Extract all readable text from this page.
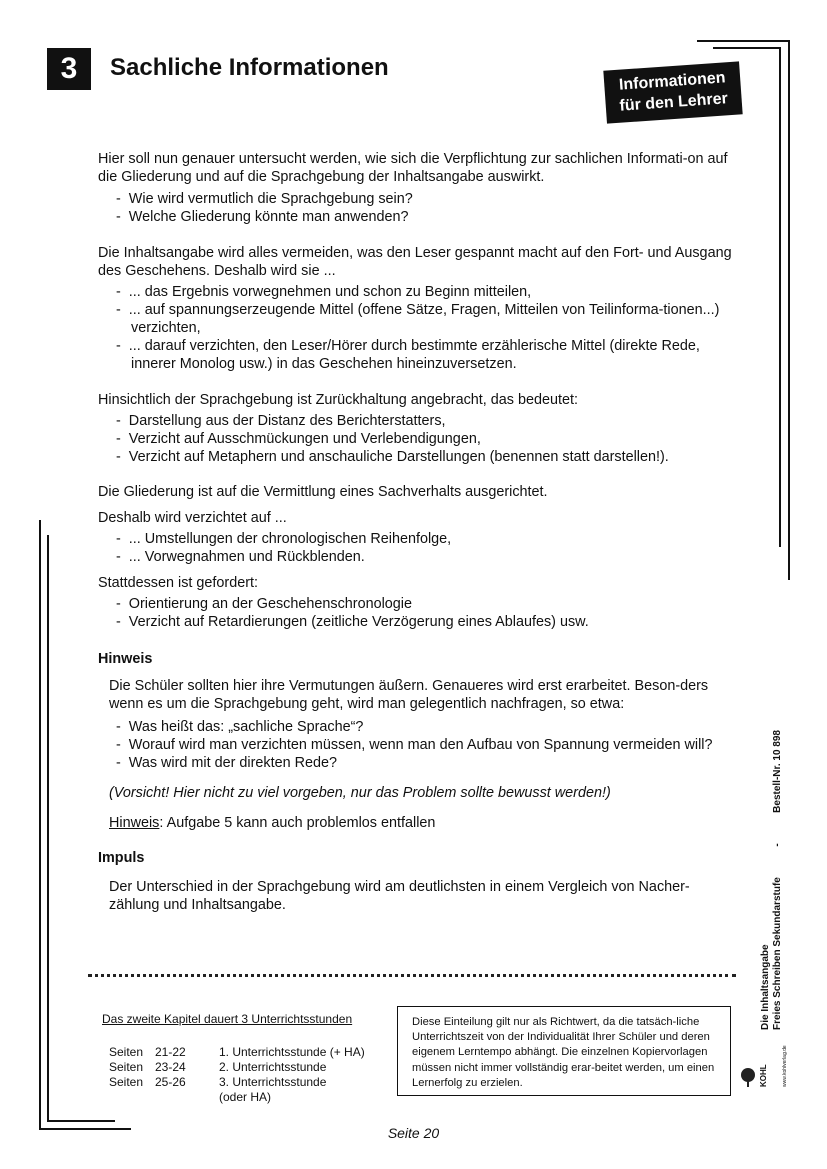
3	Sachliche Informationen
Informationen
für den Lehrer

Hier soll nun genauer untersucht werden, wie sich die Verpflichtung zur sachlichen Informati-on auf die Gliederung und auf die Sprachgebung der Inhaltsangabe auswirkt.

-  Wie wird vermutlich die Sprachgebung sein?
-  Welche Gliederung könnte man anwenden?

Die Inhaltsangabe wird alles vermeiden, was den Leser gespannt macht auf den Fort- und Ausgang des Geschehens. Deshalb wird sie ...

-  ... das Ergebnis vorwegnehmen und schon zu Beginn mitteilen,
-  ... auf spannungserzeugende Mittel (offene Sätze, Fragen, Mitteilen von Teilinforma-tionen...) verzichten,
-  ... darauf verzichten, den Leser/Hörer durch bestimmte erzählerische Mittel (direkte Rede, innerer Monolog usw.) in das Geschehen hineinzuversetzen.

Hinsichtlich der Sprachgebung ist Zurückhaltung angebracht, das bedeutet:

-  Darstellung aus der Distanz des Berichterstatters,
-  Verzicht auf Ausschmückungen und Verlebendigungen,
-  Verzicht auf Metaphern und anschauliche Darstellungen (benennen statt darstellen!).

Die Gliederung ist auf die Vermittlung eines Sachverhalts ausgerichtet.

Deshalb wird verzichtet auf ...

-  ... Umstellungen der chronologischen Reihenfolge,
-  ... Vorwegnahmen und Rückblenden.

Stattdessen ist gefordert:

-  Orientierung an der Geschehenschronologie
-  Verzicht auf Retardierungen (zeitliche Verzögerung eines Ablaufes) usw.

Hinweis

Die Schüler sollten hier ihre Vermutungen äußern. Genaueres wird erst erarbeitet. Beson-ders wenn es um die Sprachgebung geht, wird man gelegentlich nachfragen, so etwa:

-  Was heißt das: „sachliche Sprache“?
-  Worauf wird man verzichten müssen, wenn man den Aufbau von Spannung vermeiden will?
-  Was wird mit der direkten Rede?

(Vorsicht! Hier nicht zu viel vorgeben, nur das Problem sollte bewusst werden!)

Hinweis: Aufgabe 5 kann auch problemlos entfallen

Impuls

Der Unterschied in der Sprachgebung wird am deutlichsten in einem Vergleich von Nacher-zählung und Inhaltsangabe.

Das zweite Kapitel dauert 3 Unterrichtsstunden
Seiten	21-22	1. Unterrichtsstunde (+ HA)
Seiten	23-24	2. Unterrichtsstunde
Seiten	25-26	3. Unterrichtsstunde
		(oder HA)
Diese Einteilung gilt nur als Richtwert, da die tatsäch-liche Unterrichtszeit von der Individualität Ihrer Schüler und deren eigenem Lerntempo abhängt. Die einzelnen Kopiervorlagen müssen nicht immer vollständig erar-beitet werden, um einen Lernerfolg zu erzielen.
Die Inhaltsangabe Freies Schreiben Sekundarstufe
-
Bestell-Nr. 10 898
KOHL	www.kohlverlag.de
Seite 20
